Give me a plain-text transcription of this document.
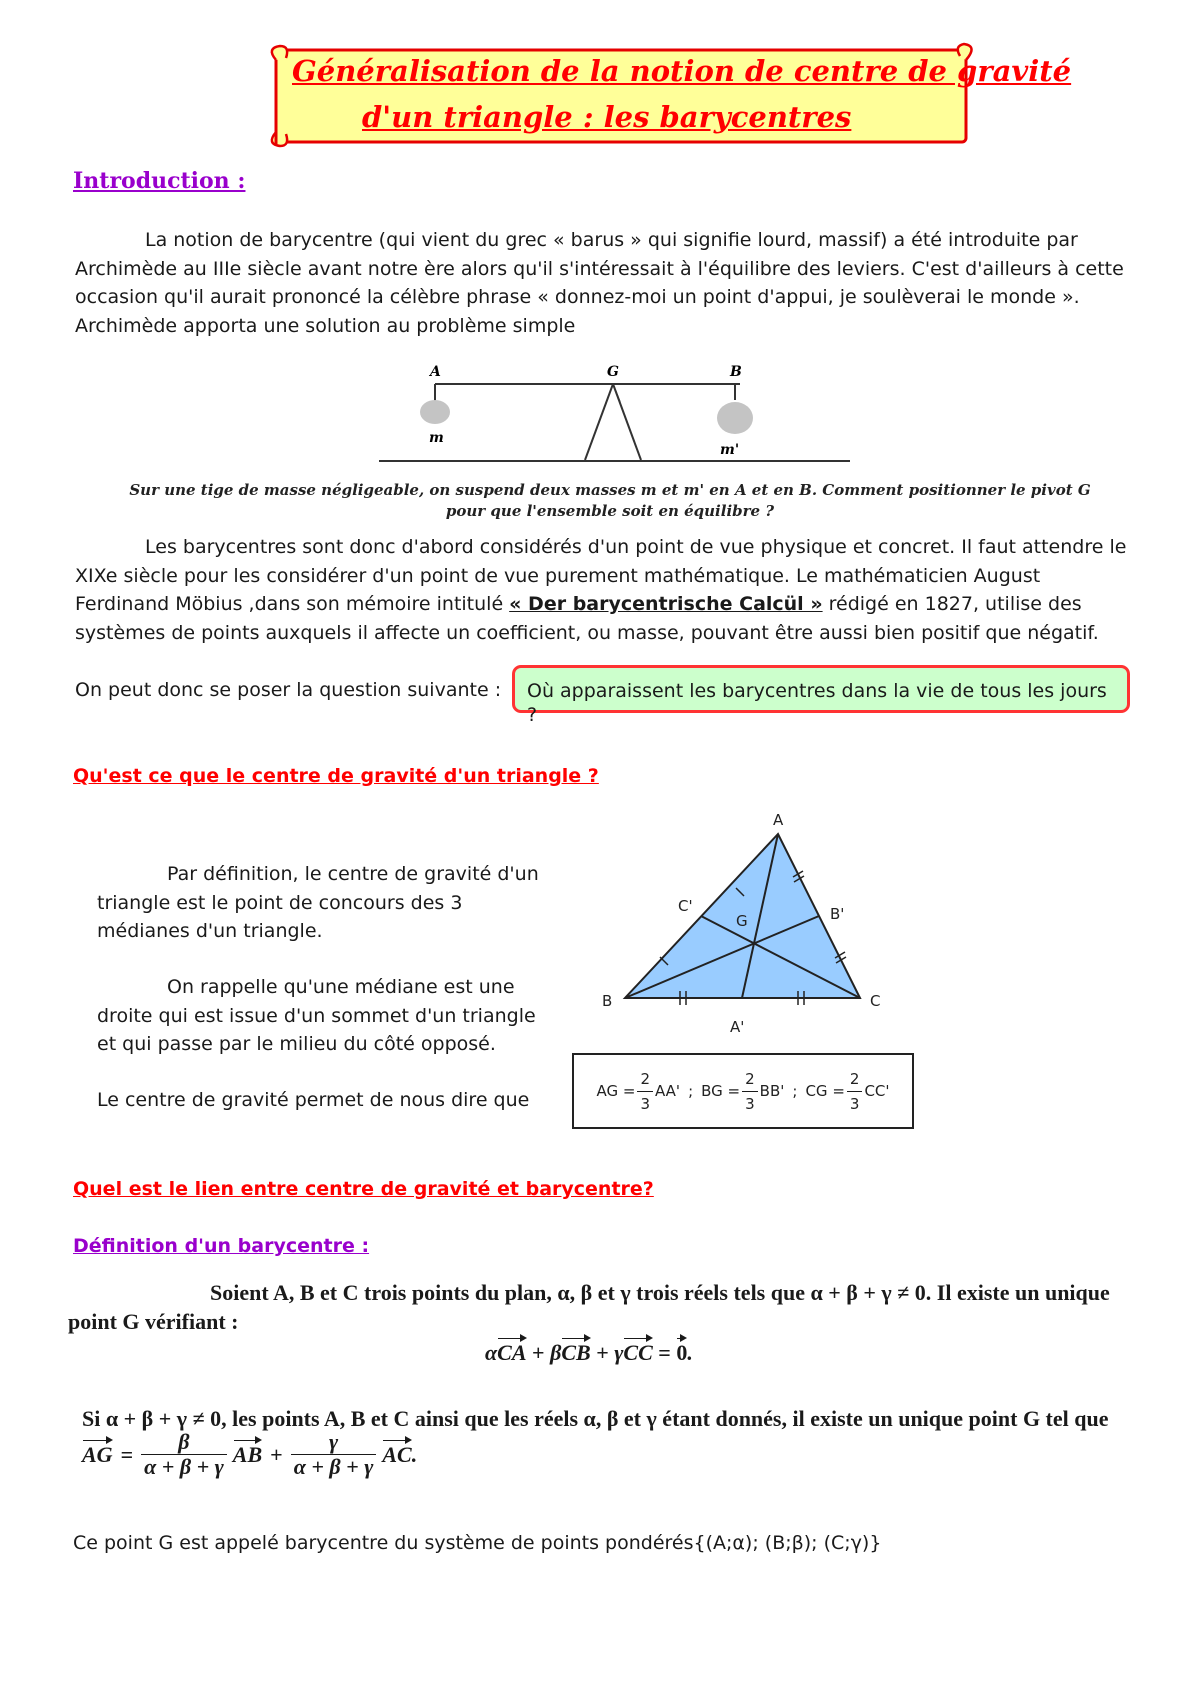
Généralisation de la notion de centre de gravité
d'un triangle : les barycentres
Introduction :
La notion de barycentre (qui vient du grec « barus » qui signifie lourd, massif) a été introduite par Archimède au IIIe siècle avant notre ère alors qu'il s'intéressait à l'équilibre des leviers. C'est d'ailleurs à cette occasion qu'il aurait prononcé la célèbre phrase « donnez-moi un point d'appui, je soulèverai le monde ». Archimède apporta une solution au problème simple
A	G	B
m
m'
Sur une tige de masse négligeable, on suspend deux masses m et m' en A et en B. Comment positionner le pivot G
pour que l'ensemble soit en équilibre ?
Les barycentres sont donc d'abord considérés d'un point de vue physique et concret. Il faut attendre le XIXe siècle pour les considérer d'un point de vue purement mathématique. Le mathématicien August Ferdinand Möbius ,dans son mémoire intitulé « Der barycentrische Calcül » rédigé en 1827, utilise des systèmes de points auxquels il affecte un coefficient, ou masse, pouvant être aussi bien positif que négatif.
On peut donc se poser la question suivante :	Où apparaissent les barycentres dans la vie de tous les jours ?
Qu'est ce que le centre de gravité d'un triangle ?
Par définition, le centre de gravité d'un triangle est le point de concours des 3 médianes d'un triangle.
On rappelle qu'une médiane est une droite qui est issue d'un sommet d'un triangle et qui passe par le milieu du côté opposé.
Le centre de gravité permet de nous dire que
A
B	C
G
A'
B'
C'
AG = $\frac{2}{3} AA'$ ; BG = $\frac{2}{3} BB'$ ; CG = $\frac{2}{3} CC'$
Quel est le lien entre centre de gravité et barycentre?
Définition d'un barycentre :
Soient A, B et C trois points du plan, α, β et γ trois réels tels que α + β + γ ≠ 0. Il existe un unique
point G vérifiant :
αCA + βCB + γCC = 0.
Si α + β + γ ≠ 0, les points A, B et C ainsi que les réels α, β et γ étant donnés, il existe un unique point G tel que
AG = $\frac{\beta}{\alpha + \beta + \gamma}$ AB + $\frac{\gamma}{\alpha + \beta + \gamma}$ AC .
Ce point G est appelé barycentre du système de points pondérés{(A;α); (B;β); (C;γ)}
